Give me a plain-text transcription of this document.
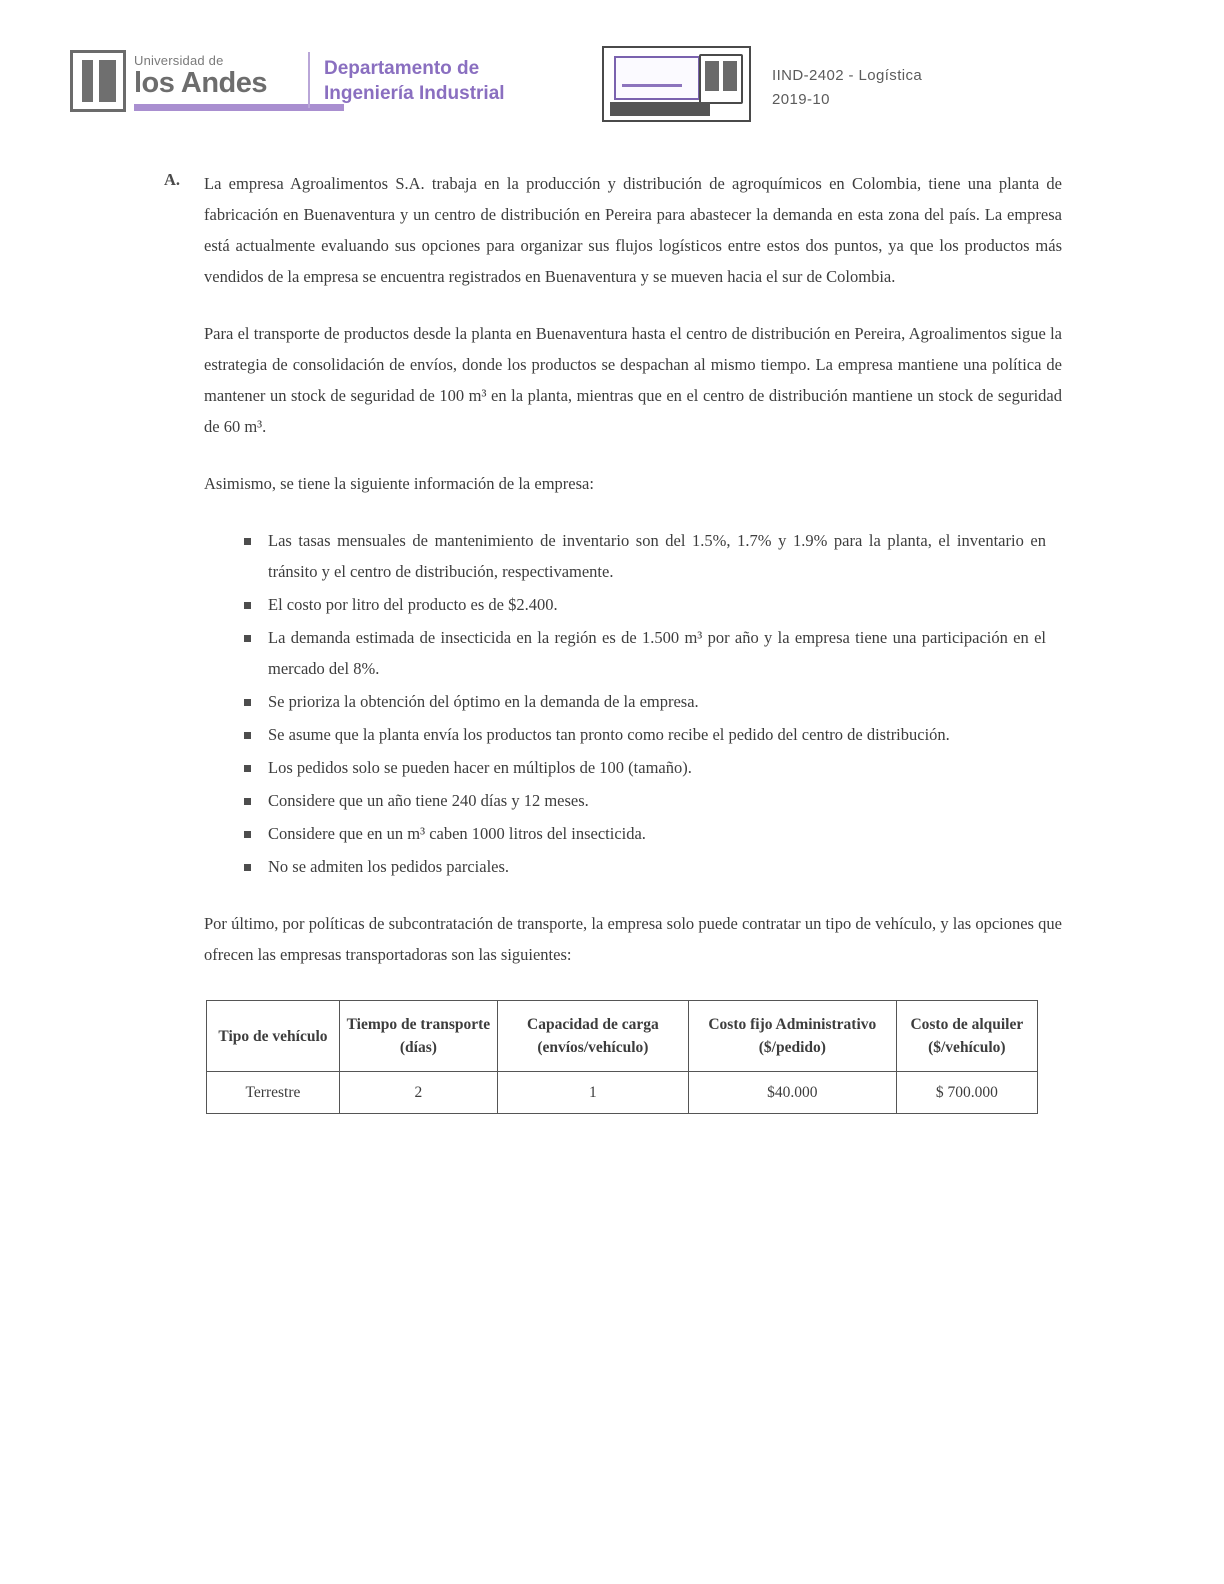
Universidad de
los Andes	Departamento de
Ingeniería Industrial
IIND-2402 - Logística
2019-10
A. La empresa Agroalimentos S.A. trabaja en la producción y distribución de agroquímicos en Colombia, tiene una planta de fabricación en Buenaventura y un centro de distribución en Pereira para abastecer la demanda en esta zona del país. La empresa está actualmente evaluando sus opciones para organizar sus flujos logísticos entre estos dos puntos, ya que los productos más vendidos de la empresa se encuentra registrados en Buenaventura y se mueven hacia el sur de Colombia.

Para el transporte de productos desde la planta en Buenaventura hasta el centro de distribución en Pereira, Agroalimentos sigue la estrategia de consolidación de envíos, donde los productos se despachan al mismo tiempo. La empresa mantiene una política de mantener un stock de seguridad de 100 m³ en la planta, mientras que en el centro de distribución mantiene un stock de seguridad de 60 m³.

Asimismo, se tiene la siguiente información de la empresa:

Las tasas mensuales de mantenimiento de inventario son del 1.5%, 1.7% y 1.9% para la planta, el inventario en tránsito y el centro de distribución, respectivamente.
El costo por litro del producto es de $2.400.
La demanda estimada de insecticida en la región es de 1.500 m³ por año y la empresa tiene una participación en el mercado del 8%.
Se prioriza la obtención del óptimo en la demanda de la empresa.
Se asume que la planta envía los productos tan pronto como recibe el pedido del centro de distribución.
Los pedidos solo se pueden hacer en múltiplos de 100 (tamaño).
Considere que un año tiene 240 días y 12 meses.
Considere que en un m³ caben 1000 litros del insecticida.
No se admiten los pedidos parciales.

Por último, por políticas de subcontratación de transporte, la empresa solo puede contratar un tipo de vehículo, y las opciones que ofrecen las empresas transportadoras son las siguientes:

Tipo de vehículo	Tiempo de transporte (días)	Capacidad de carga (envíos/vehículo)	Costo fijo Administrativo ($/pedido)	Costo de alquiler ($/vehículo)
Terrestre	2	1	$40.000	$ 700.000
